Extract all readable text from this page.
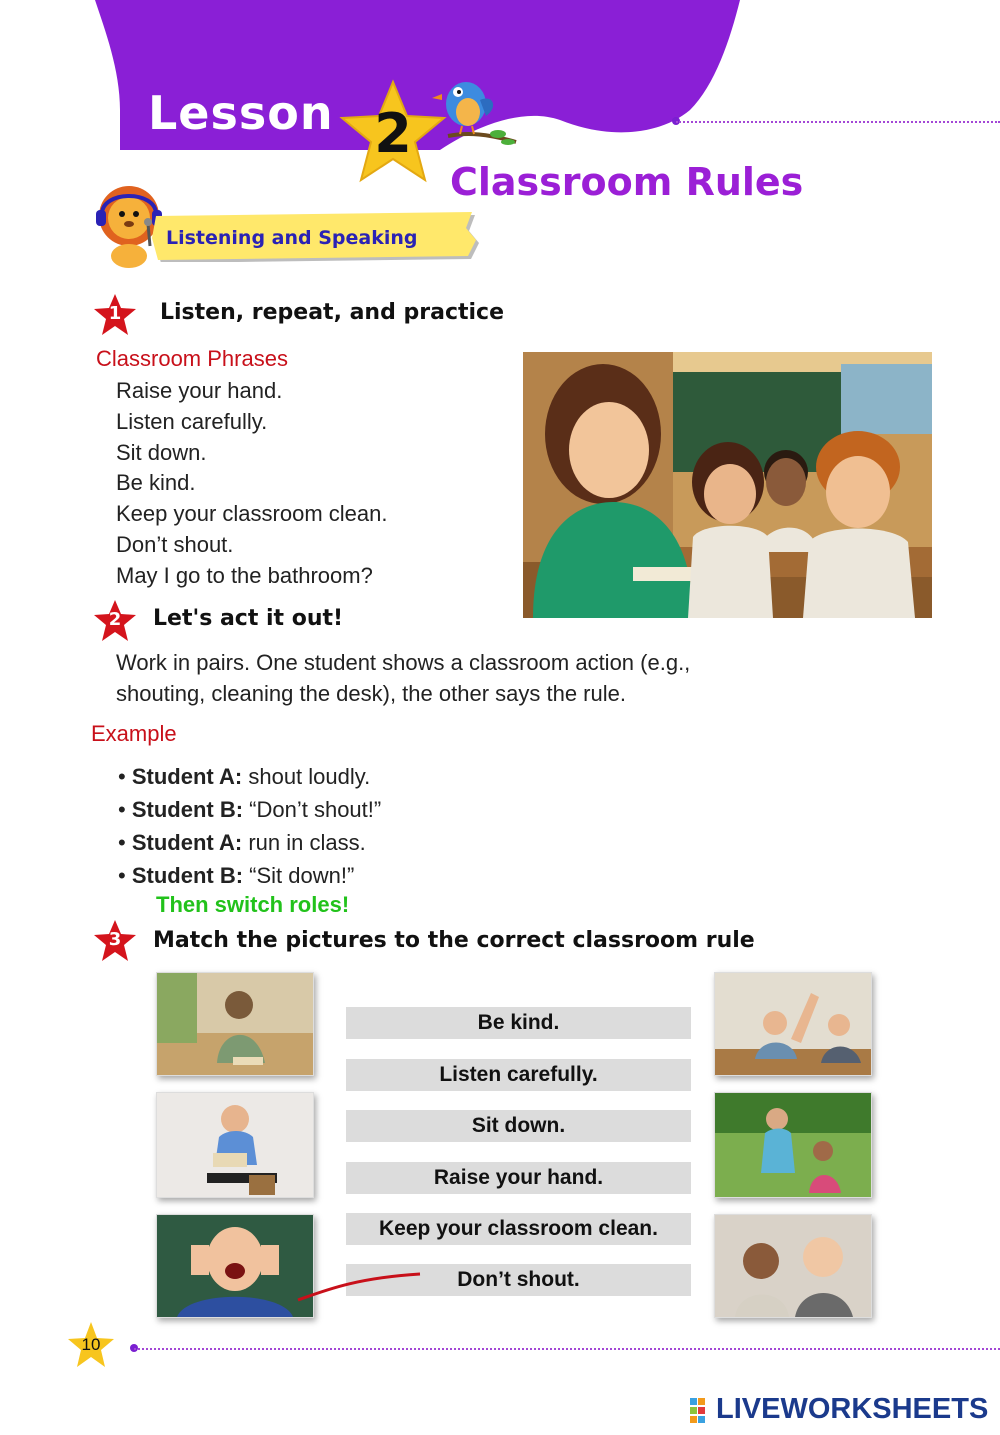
Lesson 2
Classroom Rules
Listening and Speaking
1	Listen, repeat, and practice
Classroom Phrases
Raise your hand.
Listen carefully.
Sit down.
Be kind.
Keep your classroom clean.
Don’t shout.
May I go to the bathroom?
2	Let's act it out!
Work in pairs. One student shows a classroom action (e.g.,
shouting, cleaning the desk), the other says the rule.
Example
• Student A: shout loudly.
• Student B: “Don’t shout!”
• Student A: run in class.
• Student B: “Sit down!”
Then switch roles!
3	Match the pictures to the correct classroom rule
Be kind.
Listen carefully.
Sit down.
Raise your hand.
Keep your classroom clean.
Don’t shout.
10
LIVEWORKSHEETS
